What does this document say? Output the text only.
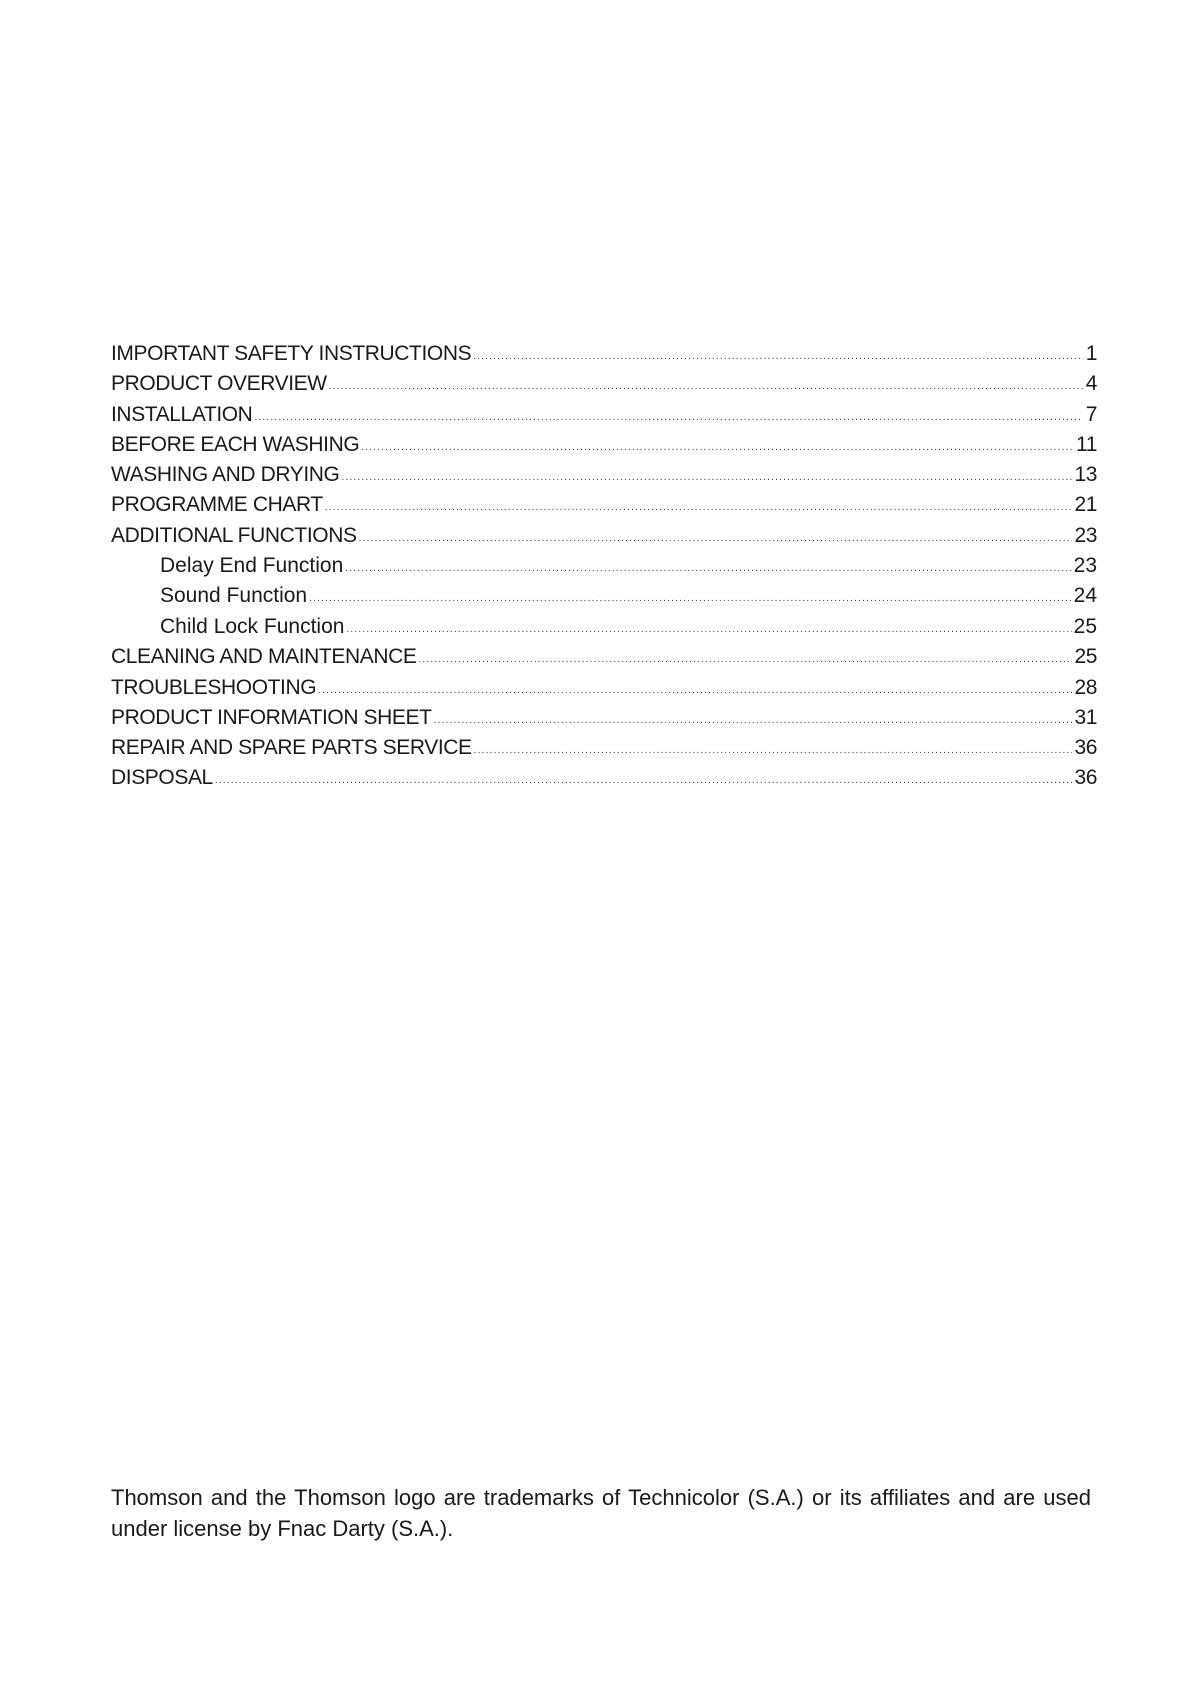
IMPORTANT SAFETY INSTRUCTIONS .....	1
PRODUCT OVERVIEW .....	4
INSTALLATION .....	7
BEFORE EACH WASHING .....	11
WASHING AND DRYING .....	13
PROGRAMME CHART .....	21
ADDITIONAL FUNCTIONS .....	23
Delay End Function .....	23
Sound Function .....	24
Child Lock Function .....	25
CLEANING AND MAINTENANCE .....	25
TROUBLESHOOTING .....	28
PRODUCT INFORMATION SHEET .....	31
REPAIR AND SPARE PARTS SERVICE .....	36
DISPOSAL .....	36

Thomson and the Thomson logo are trademarks of Technicolor (S.A.) or its affiliates and are used under license by Fnac Darty (S.A.).
